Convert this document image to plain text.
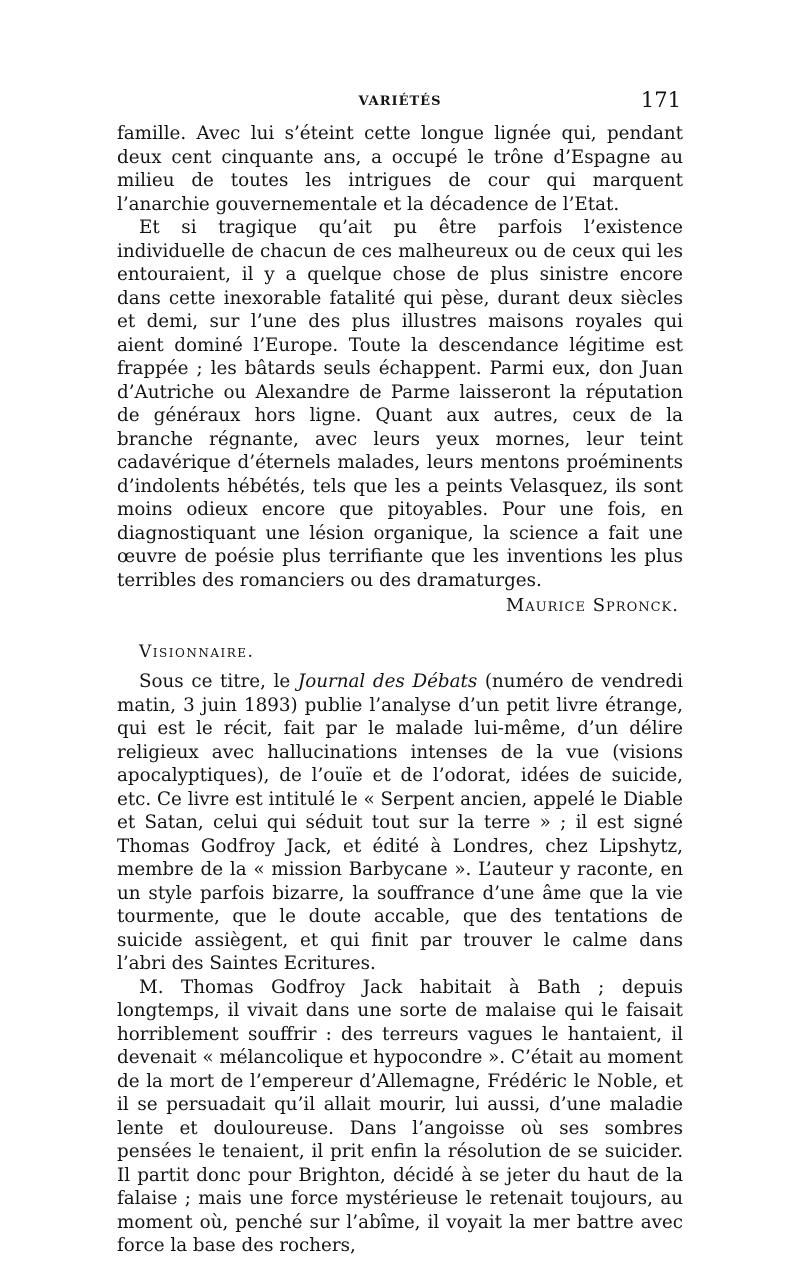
VARIÉTÉS	171

famille. Avec lui s’éteint cette longue lignée qui, pendant deux cent cinquante ans, a occupé le trône d’Espagne au milieu de toutes les intrigues de cour qui marquent l’anarchie gouvernementale et la décadence de l’Etat.

Et si tragique qu’ait pu être parfois l’existence individuelle de chacun de ces malheureux ou de ceux qui les entouraient, il y a quelque chose de plus sinistre encore dans cette inexorable fatalité qui pèse, durant deux siècles et demi, sur l’une des plus illustres maisons royales qui aient dominé l’Europe. Toute la descendance légitime est frappée ; les bâtards seuls échappent. Parmi eux, don Juan d’Autriche ou Alexandre de Parme laisseront la réputation de généraux hors ligne. Quant aux autres, ceux de la branche régnante, avec leurs yeux mornes, leur teint cadavérique d’éternels malades, leurs mentons proéminents d’indolents hébétés, tels que les a peints Velasquez, ils sont moins odieux encore que pitoyables. Pour une fois, en diagnostiquant une lésion organique, la science a fait une œuvre de poésie plus terrifiante que les inventions les plus terribles des romanciers ou des dramaturges.

Maurice Spronck.

Visionnaire.

Sous ce titre, le Journal des Débats (numéro de vendredi matin, 3 juin 1893) publie l’analyse d’un petit livre étrange, qui est le récit, fait par le malade lui-même, d’un délire religieux avec hallucinations intenses de la vue (visions apocalyptiques), de l’ouïe et de l’odorat, idées de suicide, etc. Ce livre est intitulé le « Serpent ancien, appelé le Diable et Satan, celui qui séduit tout sur la terre » ; il est signé Thomas Godfroy Jack, et édité à Londres, chez Lipshytz, membre de la « mission Barbycane ». L’auteur y raconte, en un style parfois bizarre, la souffrance d’une âme que la vie tourmente, que le doute accable, que des tentations de suicide assiègent, et qui finit par trouver le calme dans l’abri des Saintes Ecritures.

M. Thomas Godfroy Jack habitait à Bath ; depuis longtemps, il vivait dans une sorte de malaise qui le faisait horriblement souffrir : des terreurs vagues le hantaient, il devenait « mélancolique et hypocondre ». C’était au moment de la mort de l’empereur d’Allemagne, Frédéric le Noble, et il se persuadait qu’il allait mourir, lui aussi, d’une maladie lente et douloureuse. Dans l’angoisse où ses sombres pensées le tenaient, il prit enfin la résolution de se suicider. Il partit donc pour Brighton, décidé à se jeter du haut de la falaise ; mais une force mystérieuse le retenait toujours, au moment où, penché sur l’abîme, il voyait la mer battre avec force la base des rochers,
